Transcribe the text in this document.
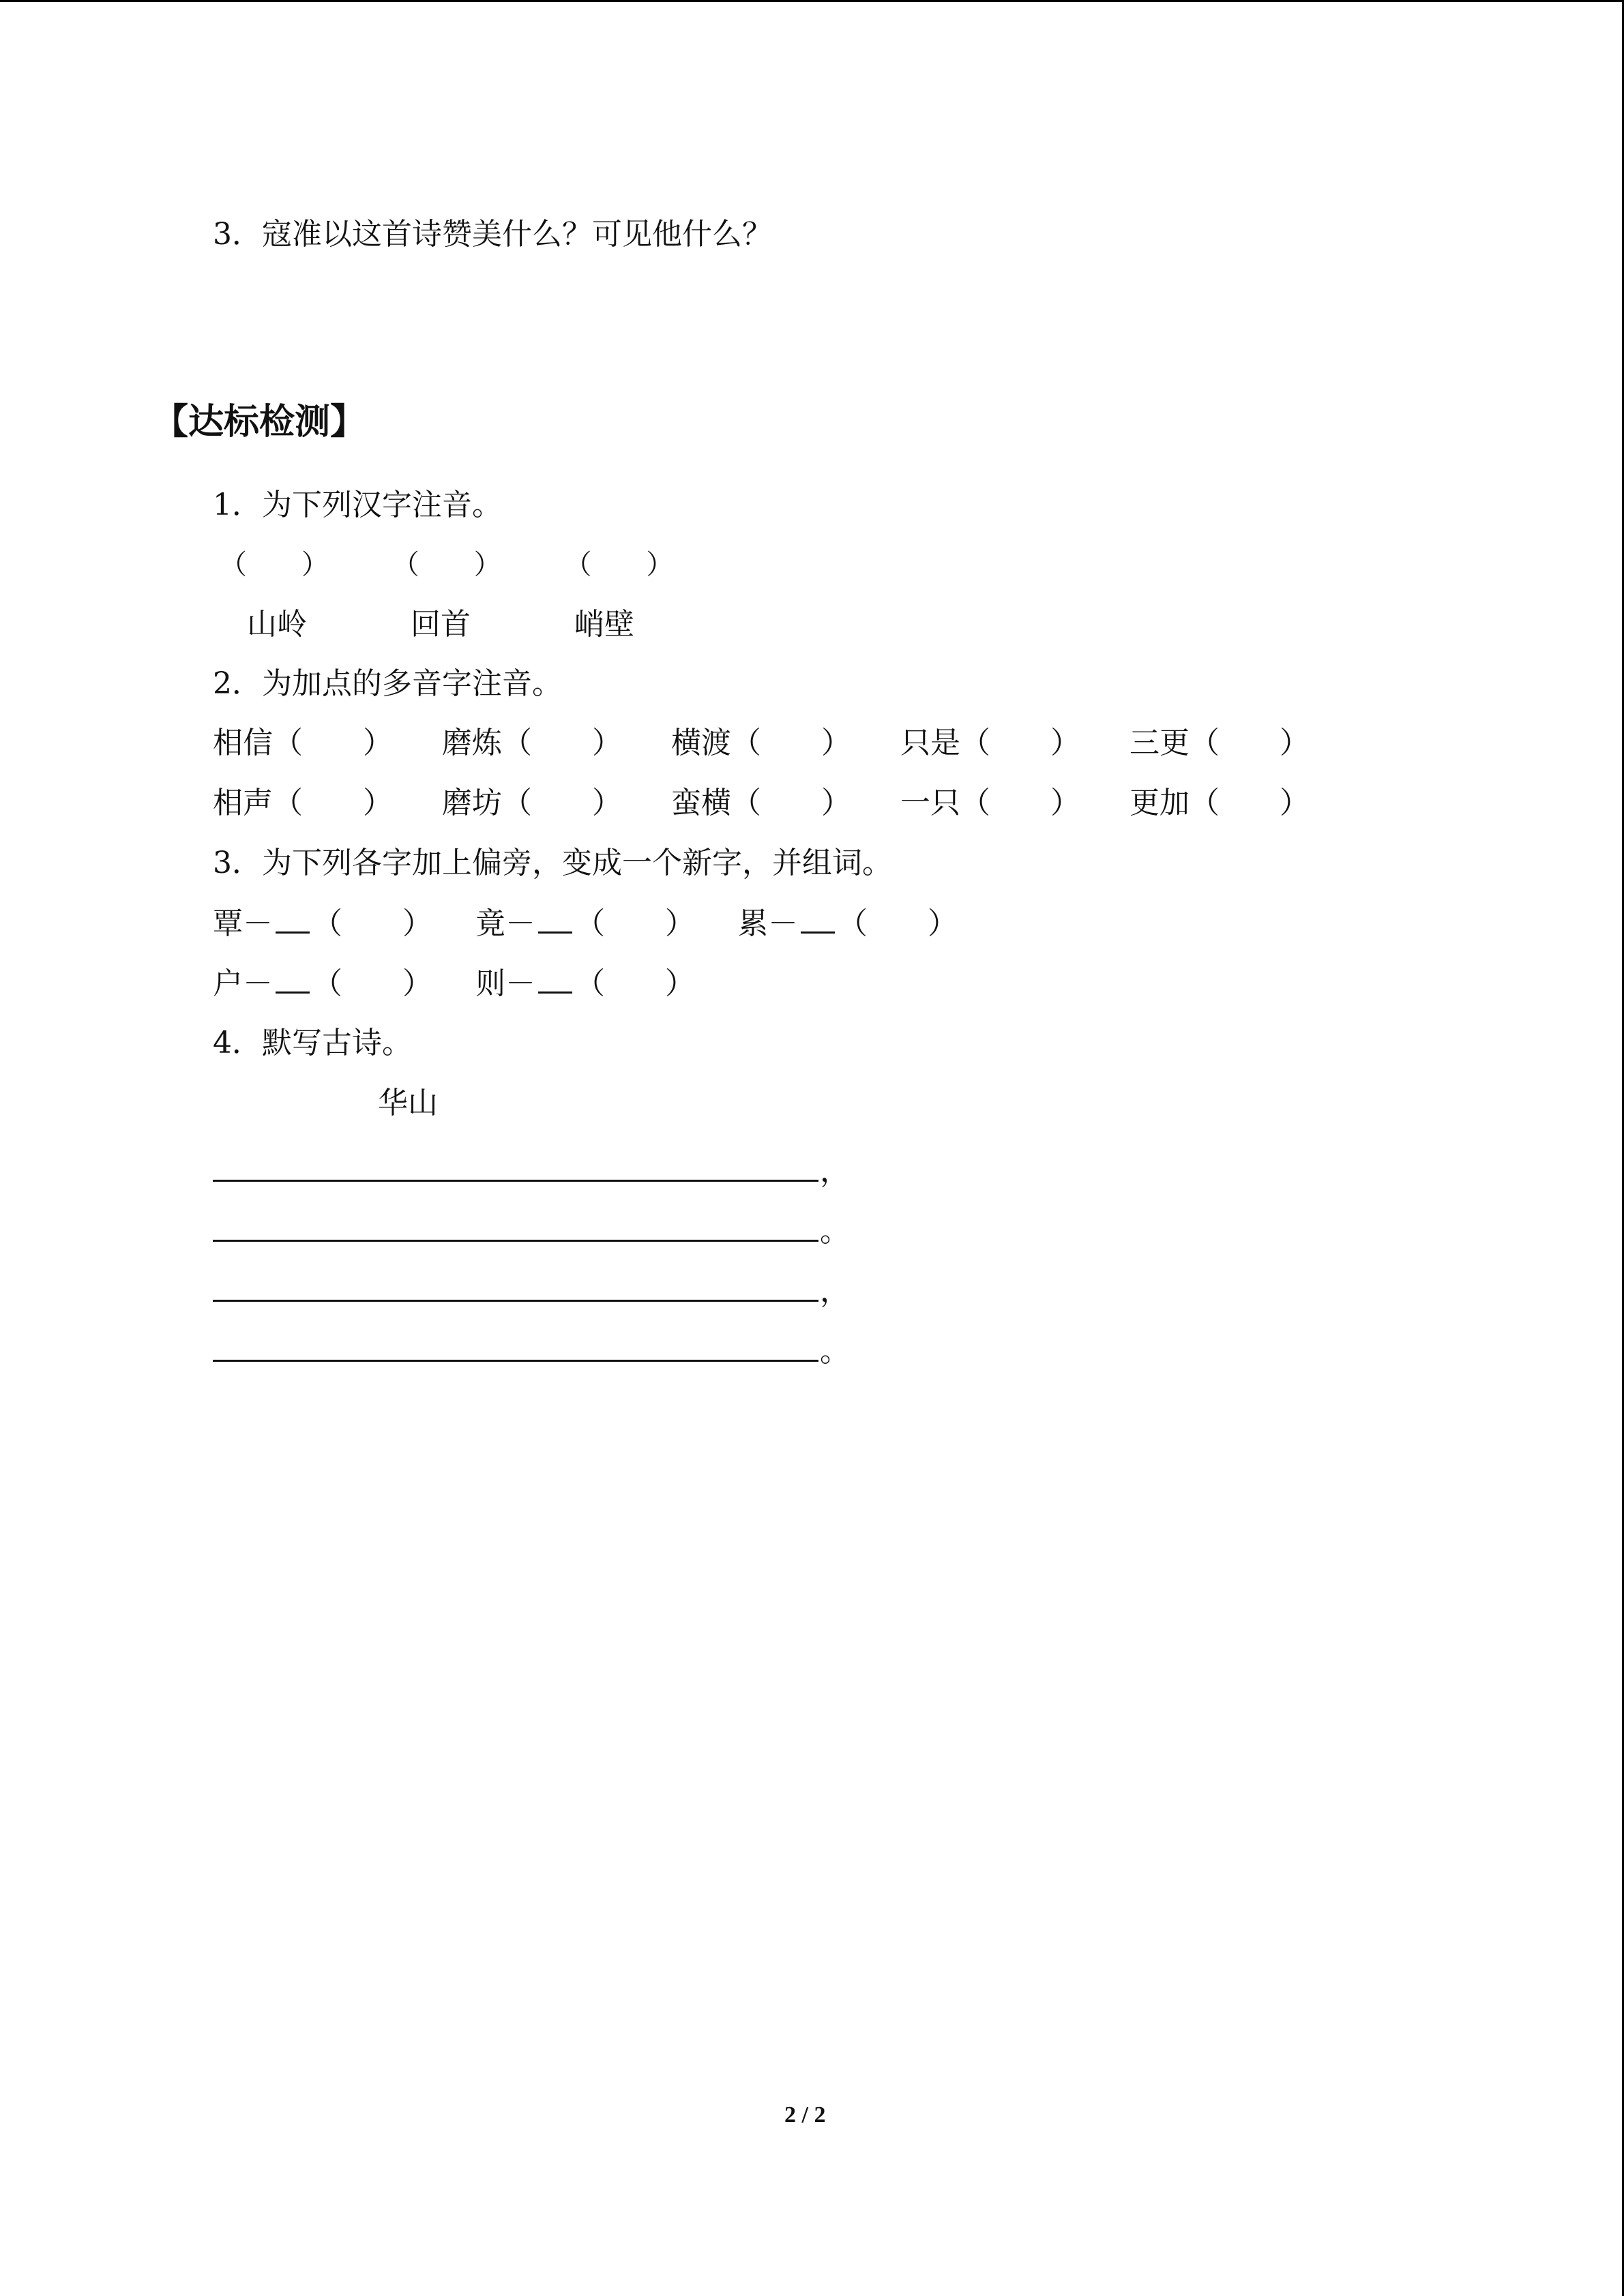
3．寇准以这首诗赞美什么？可见他什么？
【达标检测】
1．为下列汉字注音。
（　　） （　　） （　　）
山岭	回首	峭壁
2．为加点的多音字注音。
相信（　　） 磨炼（　　） 横渡（　　） 只是（　　） 三更（　　）
相声（　　） 磨坊（　　） 蛮横（　　） 一只（　　） 更加（　　）
3．为下列各字加上偏旁，变成一个新字，并组词。
覃－ （　　） 竟－ （　　） 累－ （　　）
户－ （　　） 则－ （　　）
4．默写古诗。
华山
，
。
，
。
2 / 2
